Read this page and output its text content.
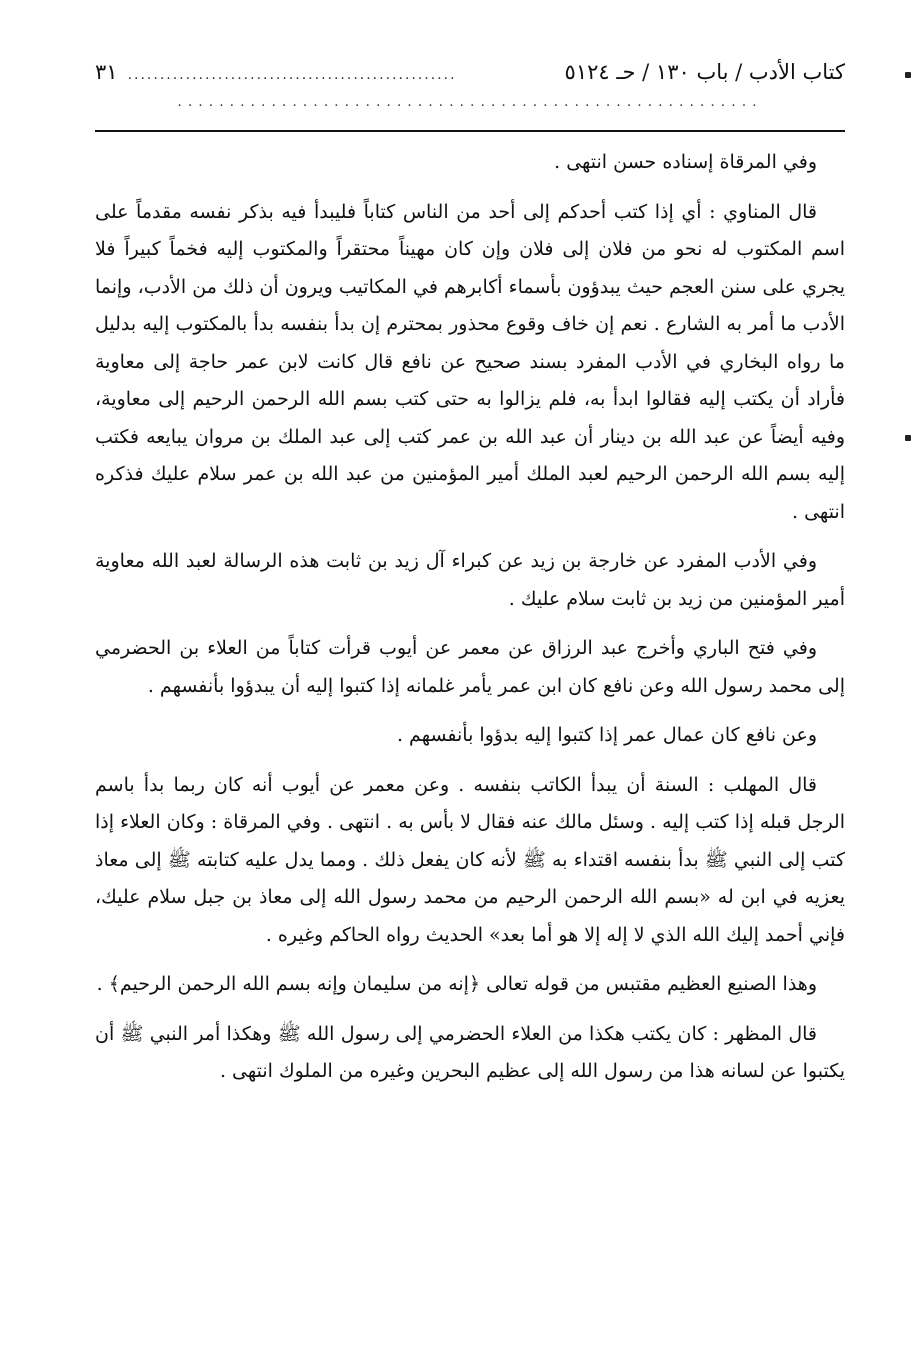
كتاب الأدب / باب ١٣٠ / حـ ٥١٢٤
...................................................
٣١
........................................................

وفي المرقاة إسناده حسن انتهى .

قال المناوي : أي إذا كتب أحدكم إلى أحد من الناس كتاباً فليبدأ فيه بذكر نفسه مقدماً على اسم المكتوب له نحو من فلان إلى فلان وإن كان مهيناً محتقراً والمكتوب إليه فخماً كبيراً فلا يجري على سنن العجم حيث يبدؤون بأسماء أكابرهم في المكاتيب ويرون أن ذلك من الأدب، وإنما الأدب ما أمر به الشارع . نعم إن خاف وقوع محذور بمحترم إن بدأ بنفسه بدأ بالمكتوب إليه بدليل ما رواه البخاري في الأدب المفرد بسند صحيح عن نافع قال كانت لابن عمر حاجة إلى معاوية فأراد أن يكتب إليه فقالوا ابدأ به، فلم يزالوا به حتى كتب بسم الله الرحمن الرحيم إلى معاوية، وفيه أيضاً عن عبد الله بن دينار أن عبد الله بن عمر كتب إلى عبد الملك بن مروان يبايعه فكتب إليه بسم الله الرحمن الرحيم لعبد الملك أمير المؤمنين من عبد الله بن عمر سلام عليك فذكره انتهى .

وفي الأدب المفرد عن خارجة بن زيد عن كبراء آل زيد بن ثابت هذه الرسالة لعبد الله معاوية أمير المؤمنين من زيد بن ثابت سلام عليك .

وفي فتح الباري وأخرج عبد الرزاق عن معمر عن أيوب قرأت كتاباً من العلاء بن الحضرمي إلى محمد رسول الله وعن نافع كان ابن عمر يأمر غلمانه إذا كتبوا إليه أن يبدؤوا بأنفسهم .

وعن نافع كان عمال عمر إذا كتبوا إليه بدؤوا بأنفسهم .

قال المهلب : السنة أن يبدأ الكاتب بنفسه . وعن معمر عن أيوب أنه كان ربما بدأ باسم الرجل قبله إذا كتب إليه . وسئل مالك عنه فقال لا بأس به . انتهى . وفي المرقاة : وكان العلاء إذا كتب إلى النبي ﷺ بدأ بنفسه اقتداء به ﷺ لأنه كان يفعل ذلك . ومما يدل عليه كتابته ﷺ إلى معاذ يعزيه في ابن له «بسم الله الرحمن الرحيم من محمد رسول الله إلى معاذ بن جبل سلام عليك، فإني أحمد إليك الله الذي لا إله إلا هو أما بعد» الحديث رواه الحاكم وغيره .

وهذا الصنيع العظيم مقتبس من قوله تعالى ﴿إنه من سليمان وإنه بسم الله الرحمن الرحيم﴾ .

قال المظهر : كان يكتب هكذا من العلاء الحضرمي إلى رسول الله ﷺ وهكذا أمر النبي ﷺ أن يكتبوا عن لسانه هذا من رسول الله إلى عظيم البحرين وغيره من الملوك انتهى .
